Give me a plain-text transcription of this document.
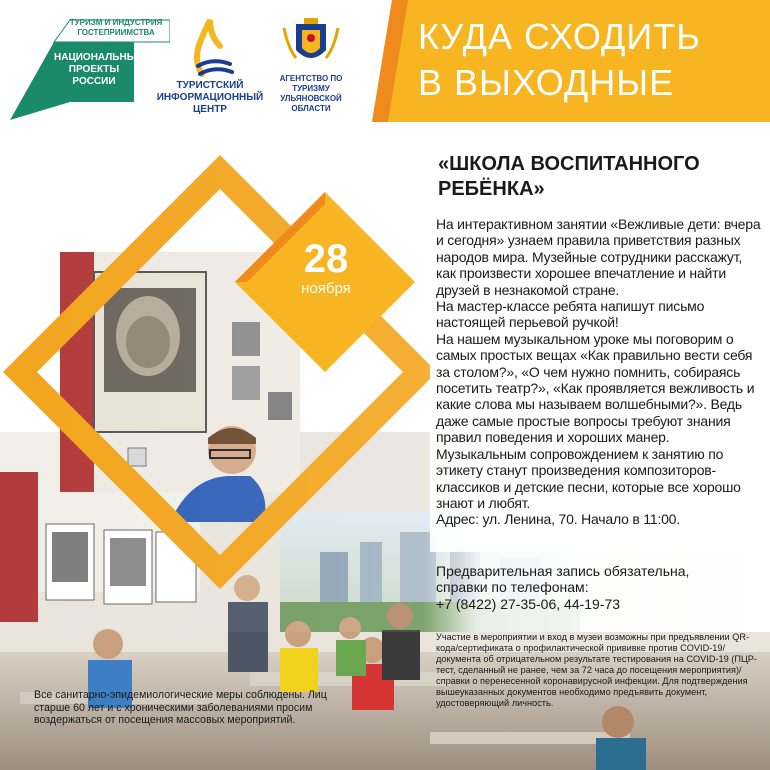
ТУРИЗМ И ИНДУСТРИЯ ГОСТЕПРИИМСТВА
НАЦИОНАЛЬНЫЕ ПРОЕКТЫ РОССИИ	ТУРИСТСКИЙ ИНФОРМАЦИОННЫЙ ЦЕНТР
АГЕНТСТВО ПО ТУРИЗМУ УЛЬЯНОВСКОЙ ОБЛАСТИ
КУДА СХОДИТЬ
В ВЫХОДНЫЕ
28
ноября
«ШКОЛА ВОСПИТАННОГО
РЕБЁНКА»

На интерактивном занятии «Вежливые дети: вчера и сегодня» узнаем правила приветствия разных народов мира. Музейные сотрудники расскажут, как произвести хорошее впечатление и найти друзей в незнакомой стране.

На мастер-классе ребята напишут письмо настоящей перьевой ручкой!

На нашем музыкальном уроке мы поговорим о самых простых вещах «Как правильно вести себя за столом?», «О чем нужно помнить, собираясь посетить театр?», «Как проявляется вежливость и какие слова мы называем волшебными?». Ведь даже самые простые вопросы требуют знания правил поведения и хороших манер.

Музыкальным сопровождением к занятию по этикету станут произведения композиторов-классиков и детские песни, которые все хорошо знают и любят.

Адрес: ул. Ленина, 70. Начало в 11:00.

Предварительная запись обязательна,
справки по телефонам:
+7 (8422) 27-35-06, 44-19-73
Участие в мероприятии и вход в музеи возможны при предъявлении QR-кода/сертификата о профилактической прививке против COVID-19/документа об отрицательном результате тестирования на COVID-19 (ПЦР-тест, сделанный не ранее, чем за 72 часа до посещения мероприятия)/справки о перенесенной коронавирусной инфекции. Для подтверждения вышеуказанных документов необходимо предъявить документ, удостоверяющий личность.
Все санитарно-эпидемиологические меры соблюдены. Лиц старше 60 лет и с хроническими заболеваниями просим воздержаться от посещения массовых мероприятий.
